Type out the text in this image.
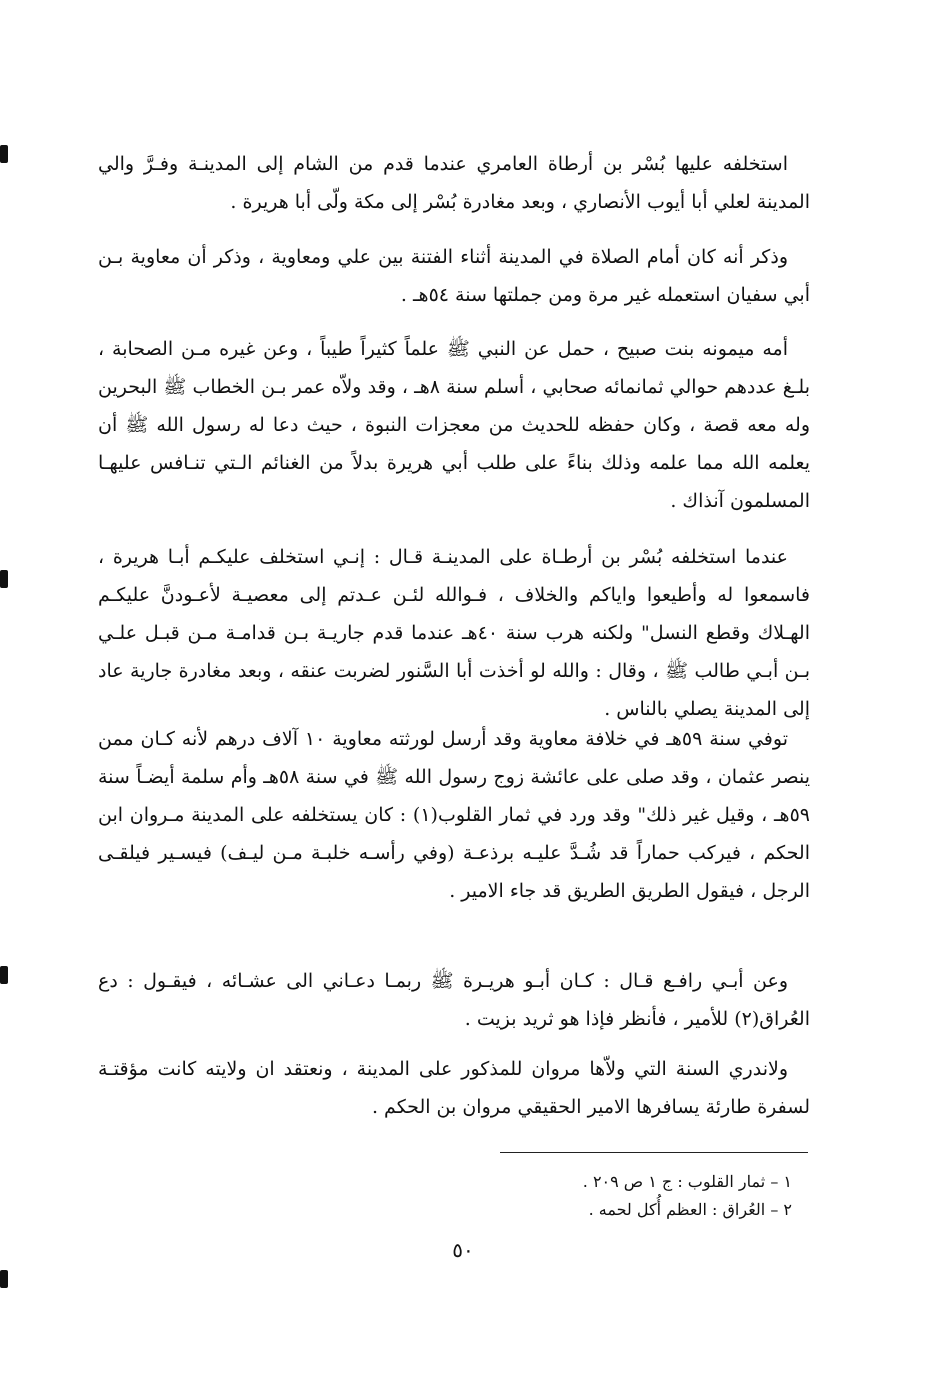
استخلفه عليها بُسْر بن أرطاة العامري عندما قدم من الشام إلى المدينـة وفـرَّ والي المدينة لعلي أبا أيوب الأنصاري ، وبعد مغادرة بُسْر إلى مكة ولّى أبا هريرة .

وذكر أنه كان أمام الصلاة في المدينة أثناء الفتنة بين علي ومعاوية ، وذكر أن معاوية بـن أبي سفيان استعمله غير مرة ومن جملتها سنة ٥٤هـ .

أمه ميمونه بنت صبيح ، حمل عن النبي ﷺ علماً كثيراً طيباً ، وعن غيره مـن الصحابة ، بلـغ عددهم حوالي ثمانمائه صحابي ، أسلم سنة ٨هـ ، وقد ولاّه عمر بـن الخطاب ﷺ البحرين وله معه قصة ، وكان حفظه للحديث من معجزات النبوة ، حيث دعا له رسول الله ﷺ أن يعلمه الله مما علمه وذلك بناءً على طلب أبي هريرة بدلاً من الغنائم الـتي تنـافس عليهـا المسلمون آنذاك .

عندما استخلفه بُسْر بن أرطـاة على المدينـة قـال : إنـي استخلف عليكـم أبـا هريرة ، فاسمعوا له وأطيعوا واياكم والخلاف ، فـوالله لئـن عـدتم إلى معصيـة لأعـودنَّ عليكـم الهـلاك وقطع النسل" ولكنه هرب سنة ٤٠هـ عندما قدم جاريـة بـن قدامـة مـن قبـل علـي بـن أبـي طالب ﷺ ، وقال : والله لو أخذت أبا السَّنور لضربت عنقه ، وبعد مغادرة جارية عاد إلى المدينة يصلي بالناس .

توفي سنة ٥٩هـ في خلافة معاوية وقد أرسل لورثته معاوية ١٠ آلاف درهم لأنه كـان ممن ينصر عثمان ، وقد صلى على عائشة زوج رسول الله ﷺ في سنة ٥٨هـ وأم سلمة أيضـاً سنة ٥٩هـ ، وقيل غير ذلك" وقد ورد في ثمار القلوب(١) : كان يستخلفه على المدينة مـروان ابن الحكم ، فيركب حماراً قد شُـدَّ عليـه برذعـة (وفي رأسـه خلبـة مـن ليـف) فيسـير فيلقـى الرجل ، فيقول الطريق الطريق قد جاء الامير .

وعن أبـي رافـع قـال : كـان أبـو هريـرة ﷺ ربمـا دعـاني الى عشـائه ، فيقـول : دع العُراق(٢) للأمير ، فأنظر فإذا هو ثريد بزيت .

ولاندري السنة التي ولاّها مروان للمذكور على المدينة ، ونعتقد ان ولايته كانت مؤقتـة لسفرة طارئة يسافرها الامير الحقيقي مروان بن الحكم .

١ – ثمار القلوب : ج ١ ص ٢٠٩ .

٢ – العُراق : العظم أُكل لحمه .

٥٠
